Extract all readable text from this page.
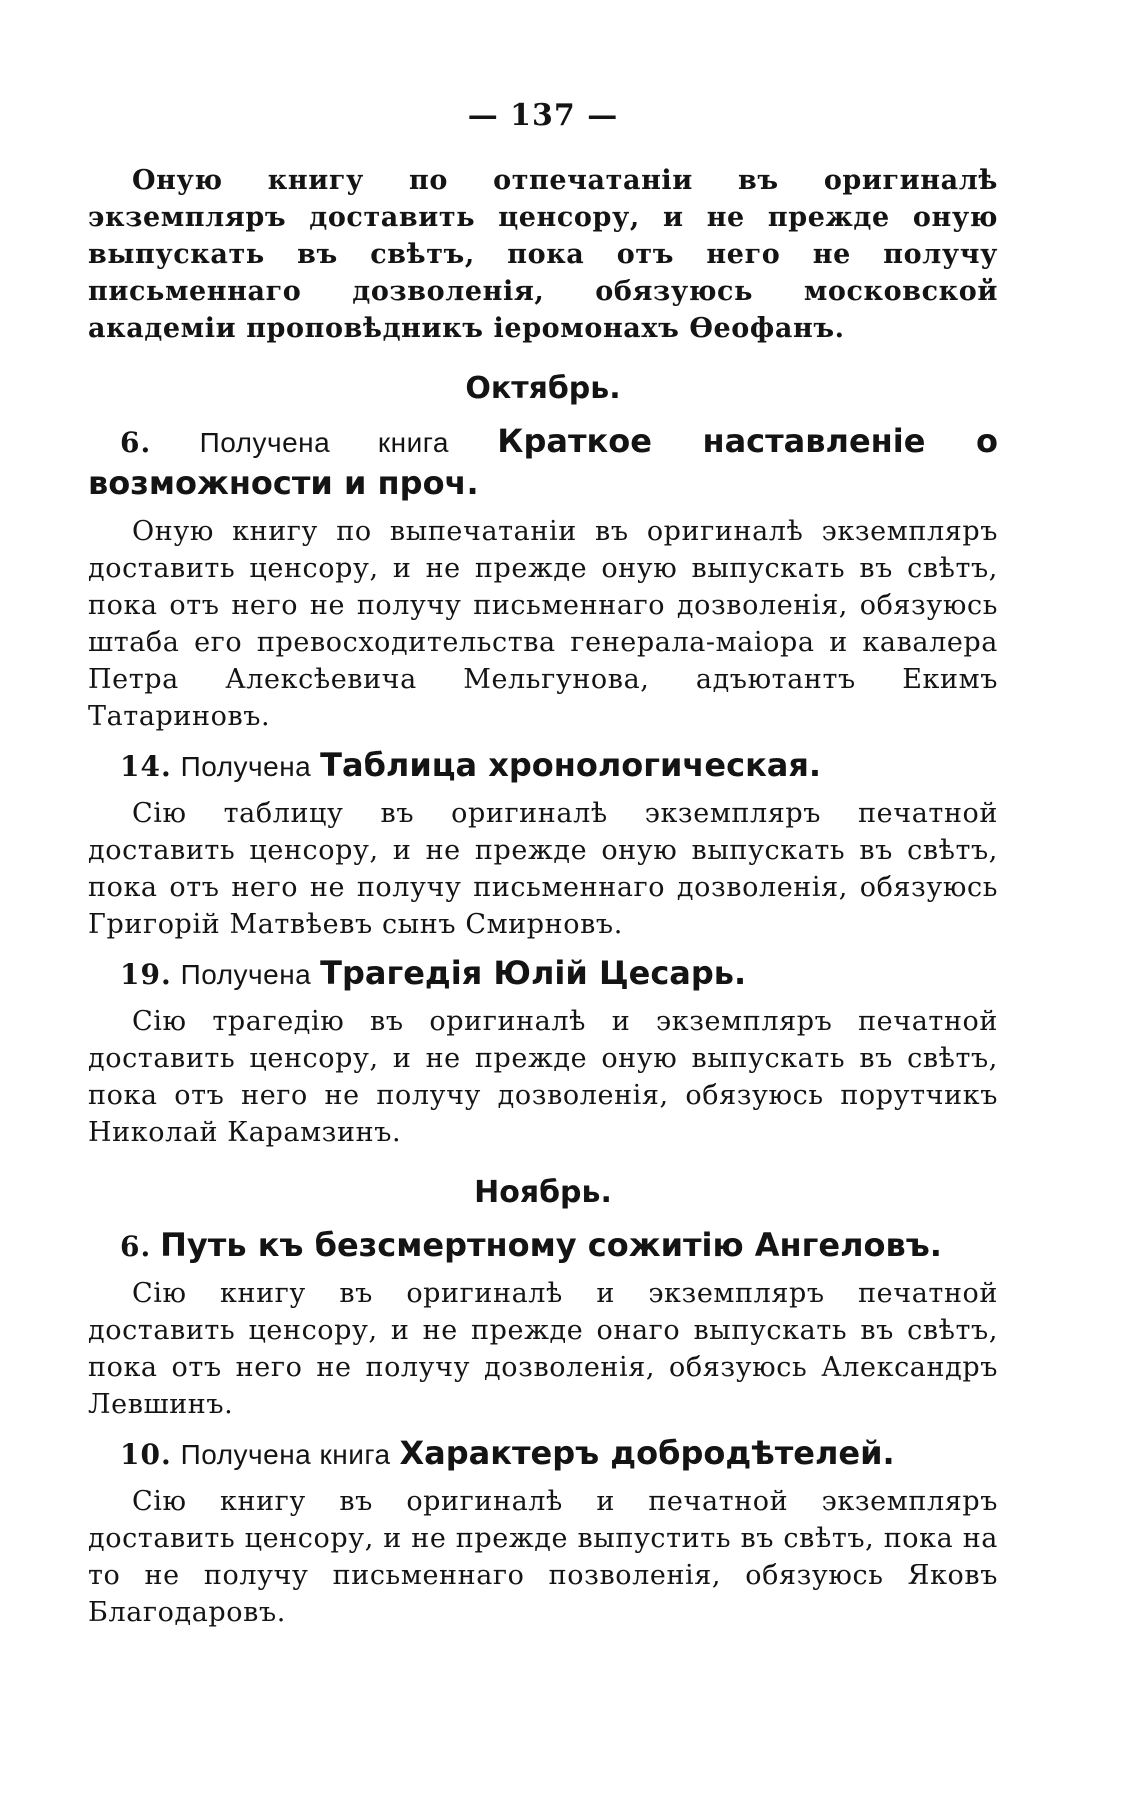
— 137 —

Оную книгу по отпечатаніи въ оригиналѣ экземпляръ доставить ценсору, и не прежде оную выпускать въ свѣтъ, пока отъ него не получу письменнаго дозволенія, обязуюсь московской академіи проповѣдникъ іеромонахъ Ѳеофанъ.

Октябрь.
6. Получена книга Краткое наставленіе о возможности и проч.

Оную книгу по выпечатаніи въ оригиналѣ экземпляръ доставить ценсору, и не прежде оную выпускать въ свѣтъ, пока отъ него не получу письменнаго дозволенія, обязуюсь штаба его превосходительства генерала-маіора и кавалера Петра Алексѣевича Мельгунова, адъютантъ Екимъ Татариновъ.

14. Получена Таблица хронологическая.

Сію таблицу въ оригиналѣ экземпляръ печатной доставить ценсору, и не прежде оную выпускать въ свѣтъ, пока отъ него не получу письменнаго дозволенія, обязуюсь Григорій Матвѣевъ сынъ Смирновъ.

19. Получена Трагедія Юлій Цесарь.

Сію трагедію въ оригиналѣ и экземпляръ печатной доставить ценсору, и не прежде оную выпускать въ свѣтъ, пока отъ него не получу дозволенія, обязуюсь порутчикъ Николай Карамзинъ.

Ноябрь.
6. Путь къ безсмертному сожитію Ангеловъ.

Сію книгу въ оригиналѣ и экземпляръ печатной доставить ценсору, и не прежде онаго выпускать въ свѣтъ, пока отъ него не получу дозволенія, обязуюсь Александръ Левшинъ.

10. Получена книга Характеръ добродѣтелей.

Сію книгу въ оригиналѣ и печатной экземпляръ доставить ценсору, и не прежде выпустить въ свѣтъ, пока на то не получу письменнаго позволенія, обязуюсь Яковъ Благодаровъ.
